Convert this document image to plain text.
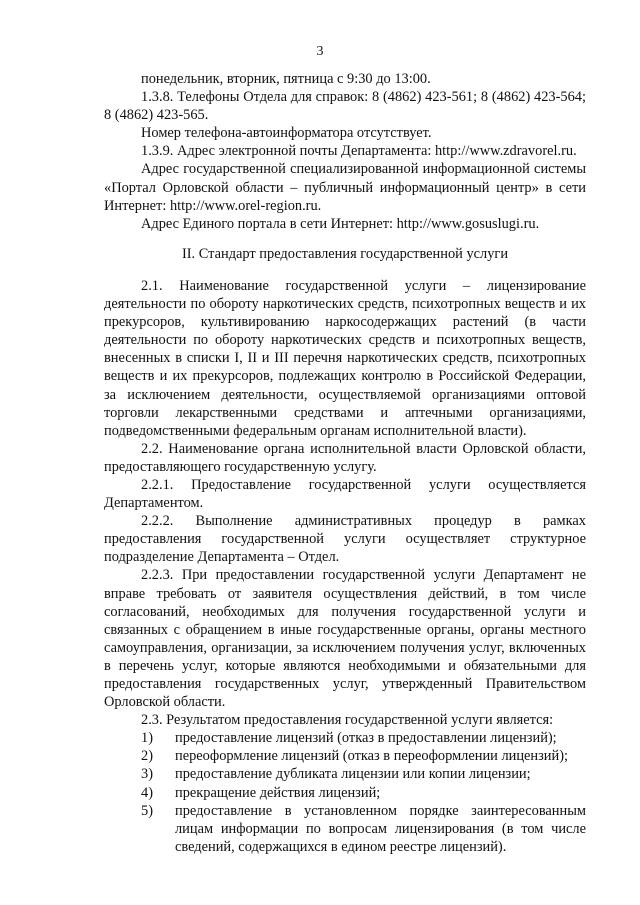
3

понедельник, вторник, пятница с 9:30 до 13:00.

1.3.8. Телефоны Отдела для справок: 8 (4862) 423-561; 8 (4862) 423-564; 8 (4862) 423-565.

Номер телефона-автоинформатора отсутствует.

1.3.9. Адрес электронной почты Департамента: http://www.zdravorel.ru.

Адрес государственной специализированной информационной системы «Портал Орловской области – публичный информационный центр» в сети Интернет: http://www.orel-region.ru.

Адрес Единого портала в сети Интернет: http://www.gosuslugi.ru.

II. Стандарт предоставления государственной услуги

2.1. Наименование государственной услуги – лицензирование деятельности по обороту наркотических средств, психотропных веществ и их прекурсоров, культивированию наркосодержащих растений (в части деятельности по обороту наркотических средств и психотропных веществ, внесенных в списки I, II и III перечня наркотических средств, психотропных веществ и их прекурсоров, подлежащих контролю в Российской Федерации, за исключением деятельности, осуществляемой организациями оптовой торговли лекарственными средствами и аптечными организациями, подведомственными федеральным органам исполнительной власти).

2.2. Наименование органа исполнительной власти Орловской области, предоставляющего государственную услугу.

2.2.1. Предоставление государственной услуги осуществляется Департаментом.

2.2.2. Выполнение административных процедур в рамках предоставления государственной услуги осуществляет структурное подразделение Департамента – Отдел.

2.2.3. При предоставлении государственной услуги Департамент не вправе требовать от заявителя осуществления действий, в том числе согласований, необходимых для получения государственной услуги и связанных с обращением в иные государственные органы, органы местного самоуправления, организации, за исключением получения услуг, включенных в перечень услуг, которые являются необходимыми и обязательными для предоставления государственных услуг, утвержденный Правительством Орловской области.

2.3. Результатом предоставления государственной услуги является:

1)	предоставление лицензий (отказ в предоставлении лицензий);
2)	переоформление лицензий (отказ в переоформлении лицензий);
3)	предоставление дубликата лицензии или копии лицензии;
4)	прекращение действия лицензий;
5)	предоставление в установленном порядке заинтересованным лицам информации по вопросам лицензирования (в том числе сведений, содержащихся в едином реестре лицензий).
